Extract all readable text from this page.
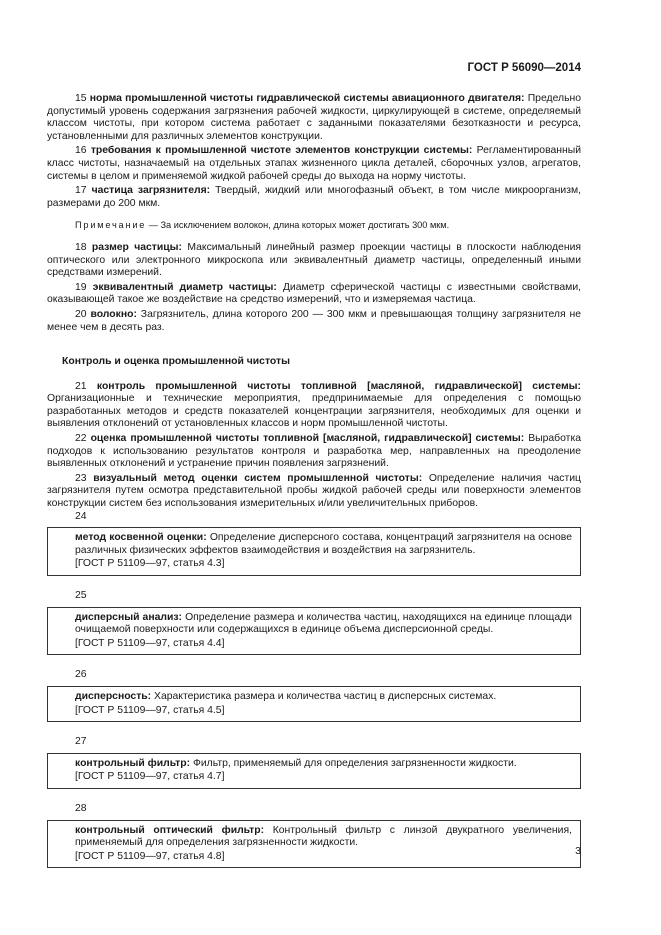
ГОСТ Р 56090—2014

15 норма промышленной чистоты гидравлической системы авиационного двигателя: Предельно допустимый уровень содержания загрязнения рабочей жидкости, циркулирующей в системе, определяемый классом чистоты, при котором система работает с заданными показателями безотказности и ресурса, установленными для различных элементов конструкции.

16 требования к промышленной чистоте элементов конструкции системы: Регламентированный класс чистоты, назначаемый на отдельных этапах жизненного цикла деталей, сборочных узлов, агрегатов, системы в целом и применяемой жидкой рабочей среды до выхода на норму чистоты.

17 частица загрязнителя: Твердый, жидкий или многофазный объект, в том числе микроорганизм, размерами до 200 мкм.

Примечание — За исключением волокон, длина которых может достигать 300 мкм.

18 размер частицы: Максимальный линейный размер проекции частицы в плоскости наблюдения оптического или электронного микроскопа или эквивалентный диаметр частицы, определенный иными средствами измерений.

19 эквивалентный диаметр частицы: Диаметр сферической частицы с известными свойствами, оказывающей такое же воздействие на средство измерений, что и измеряемая частица.

20 волокно: Загрязнитель, длина которого 200 — 300 мкм и превышающая толщину загрязнителя не менее чем в десять раз.

Контроль и оценка промышленной чистоты

21 контроль промышленной чистоты топливной [масляной, гидравлической] системы: Организационные и технические мероприятия, предпринимаемые для определения с помощью разработанных методов и средств показателей концентрации загрязнителя, необходимых для оценки и выявления отклонений от установленных классов и норм промышленной чистоты.

22 оценка промышленной чистоты топливной [масляной, гидравлической] системы: Выработка подходов к использованию результатов контроля и разработка мер, направленных на преодоление выявленных отклонений и устранение причин появления загрязнений.

23 визуальный метод оценки систем промышленной чистоты: Определение наличия частиц загрязнителя путем осмотра представительной пробы жидкой рабочей среды или поверхности элементов конструкции систем без использования измерительных и/или увеличительных приборов.

24

метод косвенной оценки: Определение дисперсного состава, концентраций загрязнителя на основе различных физических эффектов взаимодействия и воздействия на загрязнитель.

[ГОСТ Р 51109—97, статья 4.3]

25

дисперсный анализ: Определение размера и количества частиц, находящихся на единице площади очищаемой поверхности или содержащихся в единице объема дисперсионной среды.

[ГОСТ Р 51109—97, статья 4.4]

26

дисперсность: Характеристика размера и количества частиц в дисперсных системах.

[ГОСТ Р 51109—97, статья 4.5]

27

контрольный фильтр: Фильтр, применяемый для определения загрязненности жидкости.

[ГОСТ Р 51109—97, статья 4.7]

28

контрольный оптический фильтр: Контрольный фильтр с линзой двукратного увеличения, применяемый для определения загрязненности жидкости.

[ГОСТ Р 51109—97, статья 4.8]	3
